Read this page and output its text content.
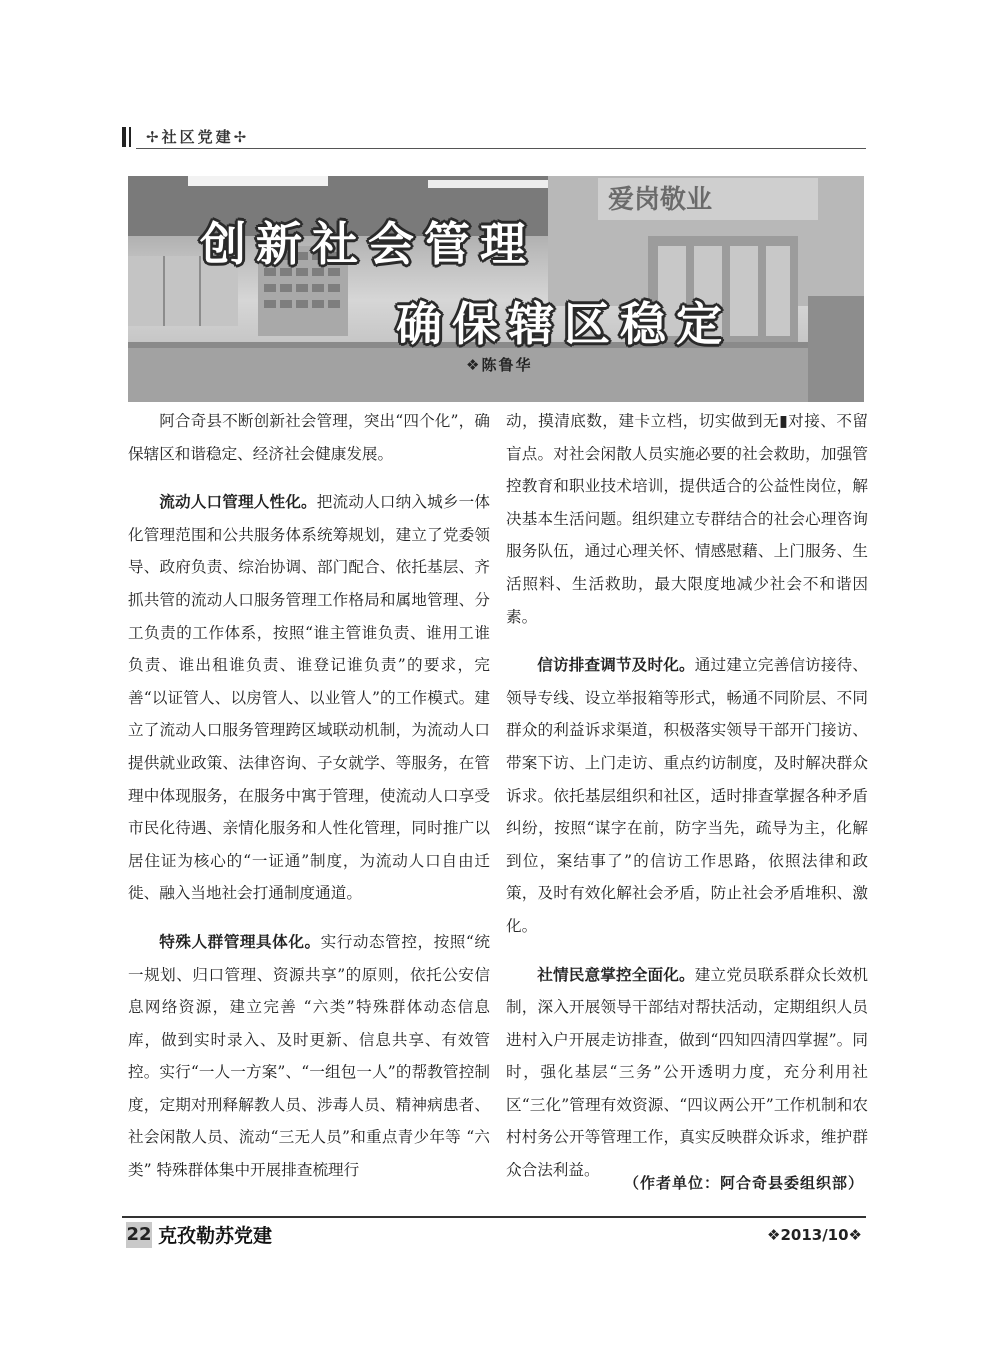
✢社区党建✢
爱岗敬业
创新社会管理
确保辖区稳定
❖陈鲁华

阿合奇县不断创新社会管理，突出“四个化”，确保辖区和谐稳定、经济社会健康发展。

流动人口管理人性化。把流动人口纳入城乡一体化管理范围和公共服务体系统筹规划，建立了党委领导、政府负责、综治协调、部门配合、依托基层、齐抓共管的流动人口服务管理工作格局和属地管理、分工负责的工作体系，按照“谁主管谁负责、谁用工谁负责、谁出租谁负责、谁登记谁负责”的要求，完善“以证管人、以房管人、以业管人”的工作模式。建立了流动人口服务管理跨区域联动机制，为流动人口提供就业政策、法律咨询、子女就学、等服务，在管理中体现服务，在服务中寓于管理，使流动人口享受市民化待遇、亲情化服务和人性化管理，同时推广以居住证为核心的“一证通”制度，为流动人口自由迁徙、融入当地社会打通制度通道。

特殊人群管理具体化。实行动态管控，按照“统一规划、归口管理、资源共享”的原则，依托公安信息网络资源，建立完善 “六类”特殊群体动态信息库，做到实时录入、及时更新、信息共享、有效管控。实行“一人一方案”、“一组包一人”的帮教管控制度，定期对刑释解教人员、涉毒人员、精神病患者、社会闲散人员、流动“三无人员”和重点青少年等 “六类” 特殊群体集中开展排查梳理行

动，摸清底数，建卡立档，切实做到无▮对接、不留盲点。对社会闲散人员实施必要的社会救助，加强管控教育和职业技术培训，提供适合的公益性岗位，解决基本生活问题。组织建立专群结合的社会心理咨询服务队伍，通过心理关怀、情感慰藉、上门服务、生活照料、生活救助，最大限度地减少社会不和谐因素。

信访排查调节及时化。通过建立完善信访接待、领导专线、设立举报箱等形式，畅通不同阶层、不同群众的利益诉求渠道，积极落实领导干部开门接访、带案下访、上门走访、重点约访制度，及时解决群众诉求。依托基层组织和社区，适时排查掌握各种矛盾纠纷，按照“谋字在前，防字当先，疏导为主，化解到位，案结事了”的信访工作思路，依照法律和政策，及时有效化解社会矛盾，防止社会矛盾堆积、激化。

社情民意掌控全面化。建立党员联系群众长效机制，深入开展领导干部结对帮扶活动，定期组织人员进村入户开展走访排查，做到“四知四清四掌握”。同时，强化基层“三务”公开透明力度，充分利用社区“三化”管理有效资源、“四议两公开”工作机制和农村村务公开等管理工作，真实反映群众诉求，维护群众合法利益。

（作者单位：阿合奇县委组织部）
22 克孜勒苏党建	❖2013/10❖
